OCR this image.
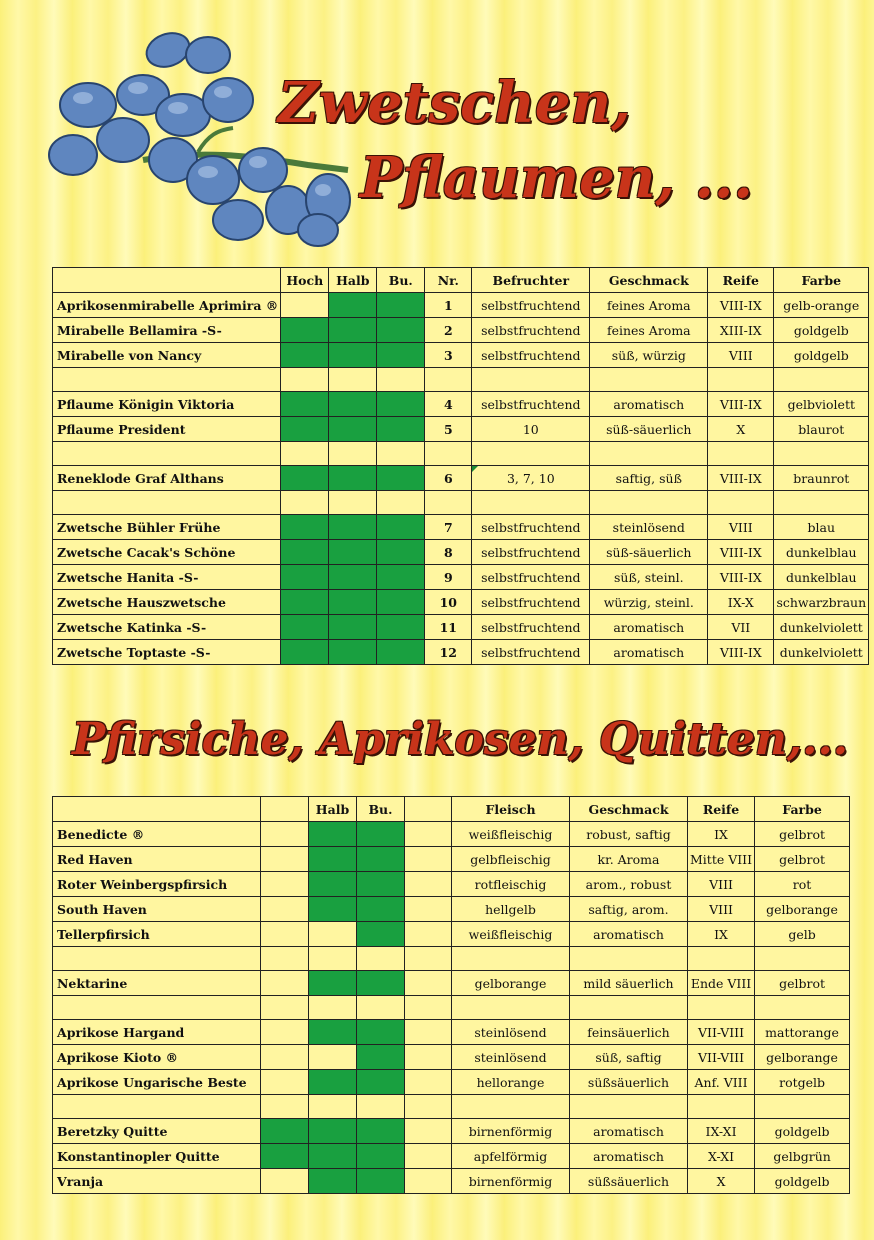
Zwetschen,
Pflaumen, ...
	Hoch	Halb	Bu.	Nr.	Befruchter	Geschmack	Reife	Farbe
Aprikosenmirabelle Aprimira ®				1	selbstfruchtend	feines Aroma	VIII-IX	gelb-orange
Mirabelle Bellamira -S-				2	selbstfruchtend	feines Aroma	XIII-IX	goldgelb
Mirabelle von Nancy				3	selbstfruchtend	süß, würzig	VIII	goldgelb

Pflaume Königin Viktoria				4	selbstfruchtend	aromatisch	VIII-IX	gelbviolett
Pflaume President				5	10	süß-säuerlich	X	blaurot

Reneklode Graf Althans				6	3, 7, 10	saftig, süß	VIII-IX	braunrot

Zwetsche Bühler Frühe				7	selbstfruchtend	steinlösend	VIII	blau
Zwetsche Cacak's Schöne				8	selbstfruchtend	süß-säuerlich	VIII-IX	dunkelblau
Zwetsche Hanita -S-				9	selbstfruchtend	süß, steinl.	VIII-IX	dunkelblau
Zwetsche Hauszwetsche				10	selbstfruchtend	würzig, steinl.	IX-X	schwarzbraun
Zwetsche Katinka -S-				11	selbstfruchtend	aromatisch	VII	dunkelviolett
Zwetsche Toptaste -S-				12	selbstfruchtend	aromatisch	VIII-IX	dunkelviolett
Pfirsiche, Aprikosen, Quitten,...
		Halb	Bu.		Fleisch	Geschmack	Reife	Farbe
Benedicte ®					weißfleischig	robust, saftig	IX	gelbrot
Red Haven					gelbfleischig	kr. Aroma	Mitte VIII	gelbrot
Roter Weinbergspfirsich					rotfleischig	arom., robust	VIII	rot
South Haven					hellgelb	saftig, arom.	VIII	gelborange
Tellerpfirsich					weißfleischig	aromatisch	IX	gelb

Nektarine					gelborange	mild säuerlich	Ende VIII	gelbrot

Aprikose Hargand					steinlösend	feinsäuerlich	VII-VIII	mattorange
Aprikose Kioto ®					steinlösend	süß, saftig	VII-VIII	gelborange
Aprikose Ungarische Beste					hellorange	süßsäuerlich	Anf. VIII	rotgelb

Beretzky Quitte					birnenförmig	aromatisch	IX-XI	goldgelb
Konstantinopler Quitte					apfelförmig	aromatisch	X-XI	gelbgrün
Vranja					birnenförmig	süßsäuerlich	X	goldgelb
